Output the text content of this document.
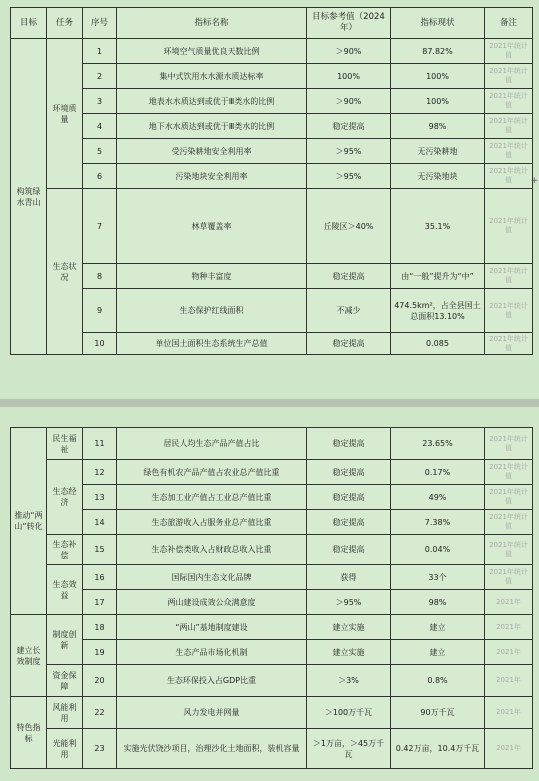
目标	任务	序号	指标名称	目标参考值（2024年）	指标现状	备注
构筑绿水青山	环境质量	1	环境空气质量优良天数比例	＞90%	87.82%	2021年统计值
		2	集中式饮用水水源水质达标率	100%	100%	2021年统计值
		3	地表水水质达到或优于Ⅲ类水的比例	＞90%	100%	2021年统计值
		4	地下水水质达到或优于Ⅲ类水的比例	稳定提高	98%	2021年统计值
		5	受污染耕地安全利用率	＞95%	无污染耕地	2021年统计值
		6	污染地块安全利用率	＞95%	无污染地块	2021年统计值
	生态状况	7	林草覆盖率	丘陵区＞40%	35.1%	2021年统计值
		8	物种丰富度	稳定提高	由“一般”提升为“中”	2021年统计值
		9	生态保护红线面积	不减少	474.5km²，占全县国土总面积13.10%	2021年统计值
		10	单位国土面积生态系统生产总值	稳定提高	0.085	2021年统计值
+
推动“两山”转化	民生福祉	11	居民人均生态产品产值占比	稳定提高	23.65%	2021年统计值
	生态经济	12	绿色有机农产品产值占农业总产值比重	稳定提高	0.17%	2021年统计值
		13	生态加工业产值占工业总产值比重	稳定提高	49%	2021年统计值
		14	生态旅游收入占服务业总产值比重	稳定提高	7.38%	2021年统计值
	生态补偿	15	生态补偿类收入占财政总收入比重	稳定提高	0.04%	2021年统计值
	生态效益	16	国际国内生态文化品牌	获得	33个	2021年统计值
		17	两山建设成效公众满意度	＞95%	98%	2021年
建立长效制度	制度创新	18	“两山”基地制度建设	建立实施	建立	2021年
		19	生态产品市场化机制	建立实施	建立	2021年
	资金保障	20	生态环保投入占GDP比重	＞3%	0.8%	2021年
特色指标	风能利用	22	风力发电并网量	＞100万千瓦	90万千瓦	2021年
	光能利用	23	实施光伏饶沙项目，治理沙化土地面积，装机容量	＞1万亩，＞45万千瓦	0.42万亩，10.4万千瓦	2021年
